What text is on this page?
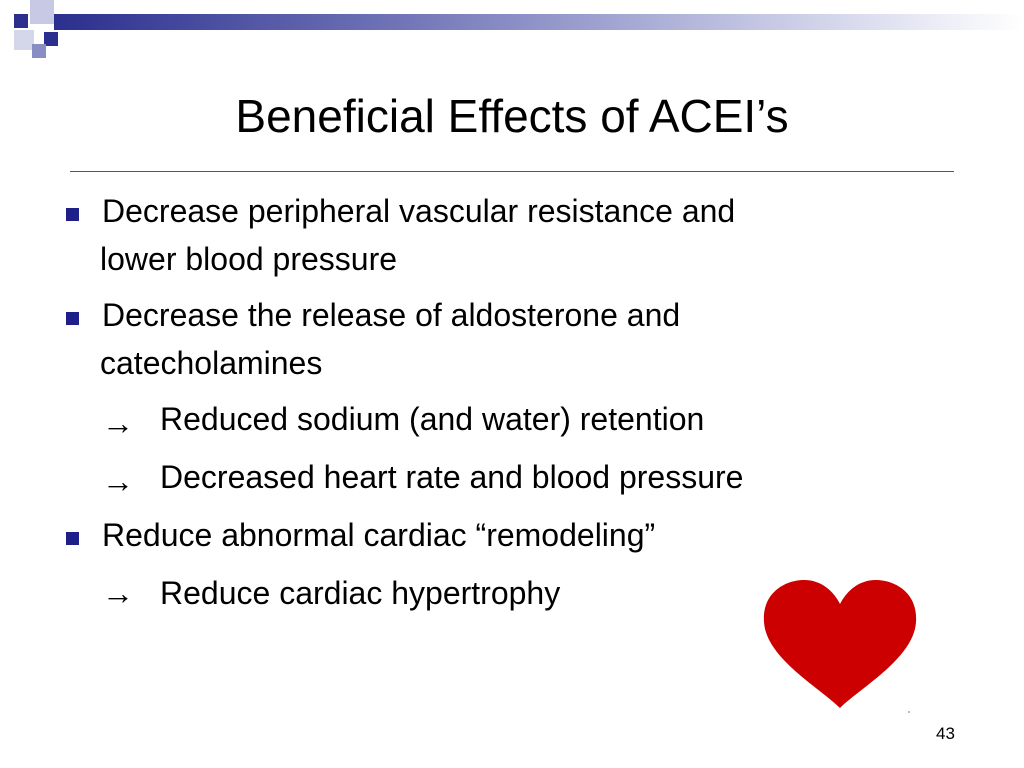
Beneficial Effects of ACEI’s
Decrease peripheral vascular resistance and
lower blood pressure
Decrease the release of aldosterone and
catecholamines
→ Reduced sodium (and water) retention
→ Decreased heart rate and blood pressure
Reduce abnormal cardiac “remodeling”
→ Reduce cardiac hypertrophy
43
